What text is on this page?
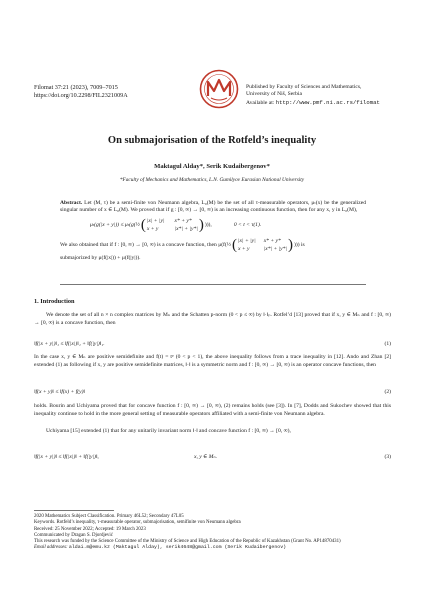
Filomat 37:21 (2023), 7009–7015
https://doi.org/10.2298/FIL2321009A
Published by Faculty of Sciences and Mathematics,
University of Niš, Serbia
Available at: http://www.pmf.ni.ac.rs/filomat
On submajorisation of the Rotfeld’s inequality
Maktagul Alday*, Serik Kudaibergenov*
*Faculty of Mechanics and Mathematics, L.N. Gumilyov Eurasian National University
Abstract. Let (M, τ) be a semi-finite von Neumann algebra, L₀(M) be the set of all τ-measurable operators, μₜ(x) be the generalized singular number of x ∈ L₀(M). We proved that if g : [0, ∞) → [0, ∞) is an increasing continuous function, then for any x, y in L₀(M),
μₜ(g(|x + y|)) ≤ μₜ(g(½ ( |x| + |y| x* + y*
x + y	|x*| + |y*| ) ))),	0 < t < τ(1).
We also obtained that if f : [0, ∞) → [0, ∞) is a concave function, then μ(f(½ ( |x| + |y| x* + y*
x + y	|x*| + |y*| ) ))) is
submajorized by μ(f(|x|)) + μ(f(|y|)).
1. Introduction
We denote the set of all n × n complex matrices by Mₙ and the Schatten p-norm (0 < p ≤ ∞) by ‖·‖ₚ. Rotfel’d [13] proved that if x, y ∈ Mₙ and f : [0, ∞) → [0, ∞) is a concave function, then
‖f(|x + y|)‖₁ ≤ ‖f(|x|)‖₁ + ‖f(|y|)‖₁.	(1)
In the case x, y ∈ Mₙ are positive semidefinite and f(t) = tᵖ (0 < p < 1), the above inequality follows from a trace inequality in [12]. Ando and Zhan [2] extended (1) as following if x, y are positive semidefinite matrices, ‖·‖ is a symmetric norm and f : [0, ∞) → [0, ∞) is an operator concave functions, then
‖f(x + y)‖ ≤ ‖f(x) + f(y)‖	(2)
holds. Bourin and Uchiyama proved that for concave function f : [0, ∞) → [0, ∞), (2) remains holds (see [3]). In [7], Dodds and Sukochev showed that this inequality continue to hold in the more general setting of measurable operators affiliated with a semi-finite von Neumann algebra.
Uchiyama [15] extended (1) that for any unitarily invariant norm ‖·‖ and concave function f : [0, ∞) → [0, ∞),
‖f(|x + y|)‖ ≤ ‖f(|x|)‖ + ‖f(|y|)‖,	x, y ∈ Mₙ.	(3)
2020 Mathematics Subject Classification. Primary 46L52; Secondary 47L05
Keywords. Rotfeld’s inequality, τ-measurable operator, submajorisation, semifinite von Neumann algebra
Received: 25 November 2022; Accepted: 19 March 2023
Communicated by Dragan S. Djordjević
This research was funded by the Science Committee of the Ministry of Science and High Education of the Republic of Kazakhstan (Grant No. AP14870431)
Email addresses: aldai.m@emu.kz (Maktagul Alday), serik4648@gmail.com (Serik Kudaibergenov)
